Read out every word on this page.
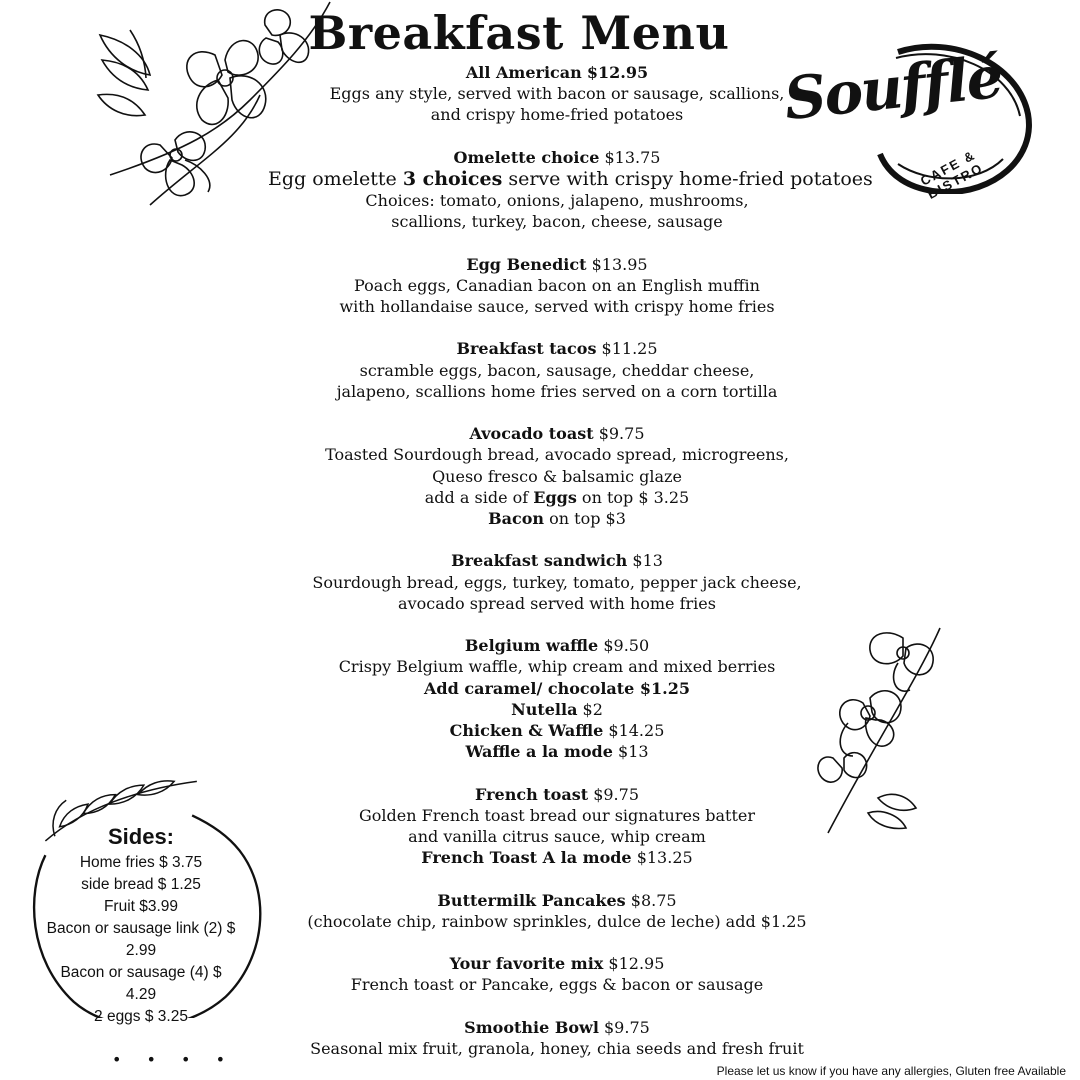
Breakfast Menu
Soufflé
CAFE & BISTRO
All American $12.95
Eggs any style, served with bacon or sausage, scallions,
and crispy home-fried potatoes
Omelette choice $13.75
Egg omelette 3 choices serve with crispy home-fried potatoes
Choices: tomato, onions, jalapeno, mushrooms,
scallions, turkey, bacon, cheese, sausage
Egg Benedict $13.95
Poach eggs, Canadian bacon on an English muffin
with hollandaise sauce, served with crispy home fries
Breakfast tacos $11.25
scramble eggs, bacon, sausage, cheddar cheese,
jalapeno, scallions home fries served on a corn tortilla
Avocado toast $9.75
Toasted Sourdough bread, avocado spread, microgreens,
Queso fresco & balsamic glaze
add a side of Eggs on top $ 3.25
Bacon on top $3
Breakfast sandwich $13
Sourdough bread, eggs, turkey, tomato, pepper jack cheese,
avocado spread served with home fries
Belgium waffle $9.50
Crispy Belgium waffle, whip cream and mixed berries
Add caramel/ chocolate $1.25
Nutella $2
Chicken & Waffle $14.25
Waffle a la mode $13
French toast $9.75
Golden French toast bread our signatures batter
and vanilla citrus sauce, whip cream
French Toast A la mode $13.25
Buttermilk Pancakes $8.75
(chocolate chip, rainbow sprinkles, dulce de leche) add $1.25
Your favorite mix $12.95
French toast or Pancake, eggs & bacon or sausage
Smoothie Bowl $9.75
Seasonal mix fruit, granola, honey, chia seeds and fresh fruit
• • • •
Sides:
Home fries $ 3.75
side bread $ 1.25
Fruit $3.99
Bacon or sausage link (2) $
2.99
Bacon or sausage (4) $
4.29
2 eggs $ 3.25
Please let us know if you have any allergies, Gluten free Available
